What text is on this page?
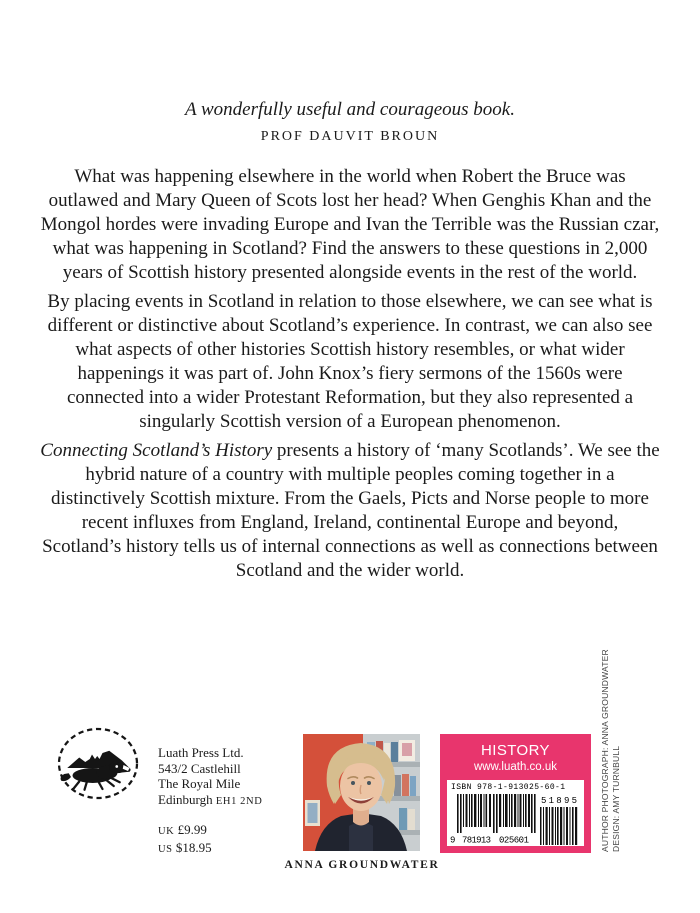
A wonderfully useful and courageous book.
PROF DAUVIT BROUN

What was happening elsewhere in the world when Robert the Bruce was outlawed and Mary Queen of Scots lost her head? When Genghis Khan and the Mongol hordes were invading Europe and Ivan the Terrible was the Russian czar, what was happening in Scotland? Find the answers to these questions in 2,000 years of Scottish history presented alongside events in the rest of the world.

By placing events in Scotland in relation to those elsewhere, we can see what is different or distinctive about Scotland’s experience. In contrast, we can also see what aspects of other histories Scottish history resembles, or what wider happenings it was part of. John Knox’s fiery sermons of the 1560s were connected into a wider Protestant Reformation, but they also represented a singularly Scottish version of a European phenomenon.

Connecting Scotland’s History presents a history of ‘many Scotlands’. We see the hybrid nature of a country with multiple peoples coming together in a distinctively Scottish mixture. From the Gaels, Picts and Norse people to more recent influxes from England, Ireland, continental Europe and beyond, Scotland’s history tells us of internal connections as well as connections between Scotland and the wider world.

Luath Press Ltd.
543/2 Castlehill
The Royal Mile
Edinburgh EH1 2ND
UK £9.99
US $18.95
ANNA GROUNDWATER
HISTORY
www.luath.co.uk
ISBN 978-1-913025-60-1
9 781913 025601
51895	AUTHOR PHOTOGRAPH: ANNA GROUNDWATER DESIGN: AMY TURNBULL
